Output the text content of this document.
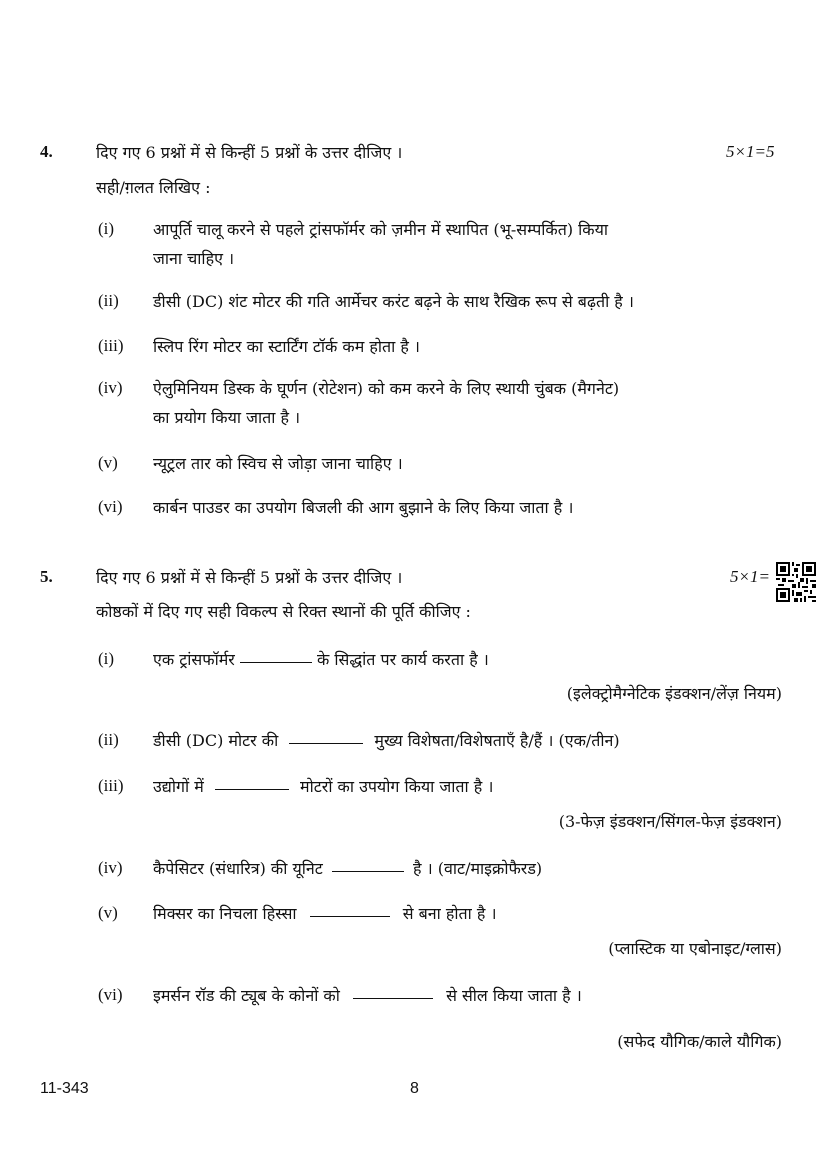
4.	दिए गए 6 प्रश्नों में से किन्हीं 5 प्रश्नों के उत्तर दीजिए ।	5×1=5
सही/ग़लत लिखिए :
(i) आपूर्ति चालू करने से पहले ट्रांसफॉर्मर को ज़मीन में स्थापित (भू-सम्पर्कित) किया
जाना चाहिए ।
(ii) डीसी (DC) शंट मोटर की गति आर्मेचर करंट बढ़ने के साथ रैखिक रूप से बढ़ती है ।
(iii) स्लिप रिंग मोटर का स्टार्टिंग टॉर्क कम होता है ।
(iv) ऐलुमिनियम डिस्क के घूर्णन (रोटेशन) को कम करने के लिए स्थायी चुंबक (मैगनेट)
का प्रयोग किया जाता है ।
(v) न्यूट्रल तार को स्विच से जोड़ा जाना चाहिए ।
(vi) कार्बन पाउडर का उपयोग बिजली की आग बुझाने के लिए किया जाता है ।
5.	दिए गए 6 प्रश्नों में से किन्हीं 5 प्रश्नों के उत्तर दीजिए ।	5×1=
कोष्ठकों में दिए गए सही विकल्प से रिक्त स्थानों की पूर्ति कीजिए :
(i) एक ट्रांसफॉर्मर	के सिद्धांत पर कार्य करता है ।
(इलेक्ट्रोमैग्नेटिक इंडक्शन/लेंज़ नियम)
(ii) डीसी (DC) मोटर की	मुख्य विशेषता/विशेषताएँ है/हैं । (एक/तीन)
(iii) उद्योगों में	मोटरों का उपयोग किया जाता है ।
(3-फेज़ इंडक्शन/सिंगल-फेज़ इंडक्शन)
(iv) कैपेसिटर (संधारित्र) की यूनिट	है । (वाट/माइक्रोफैरड)
(v) मिक्सर का निचला हिस्सा	से बना होता है ।
(प्लास्टिक या एबोनाइट/ग्लास)
(vi) इमर्सन रॉड की ट्यूब के कोनों को	से सील किया जाता है ।
(सफेद यौगिक/काले यौगिक)
11-343	8
